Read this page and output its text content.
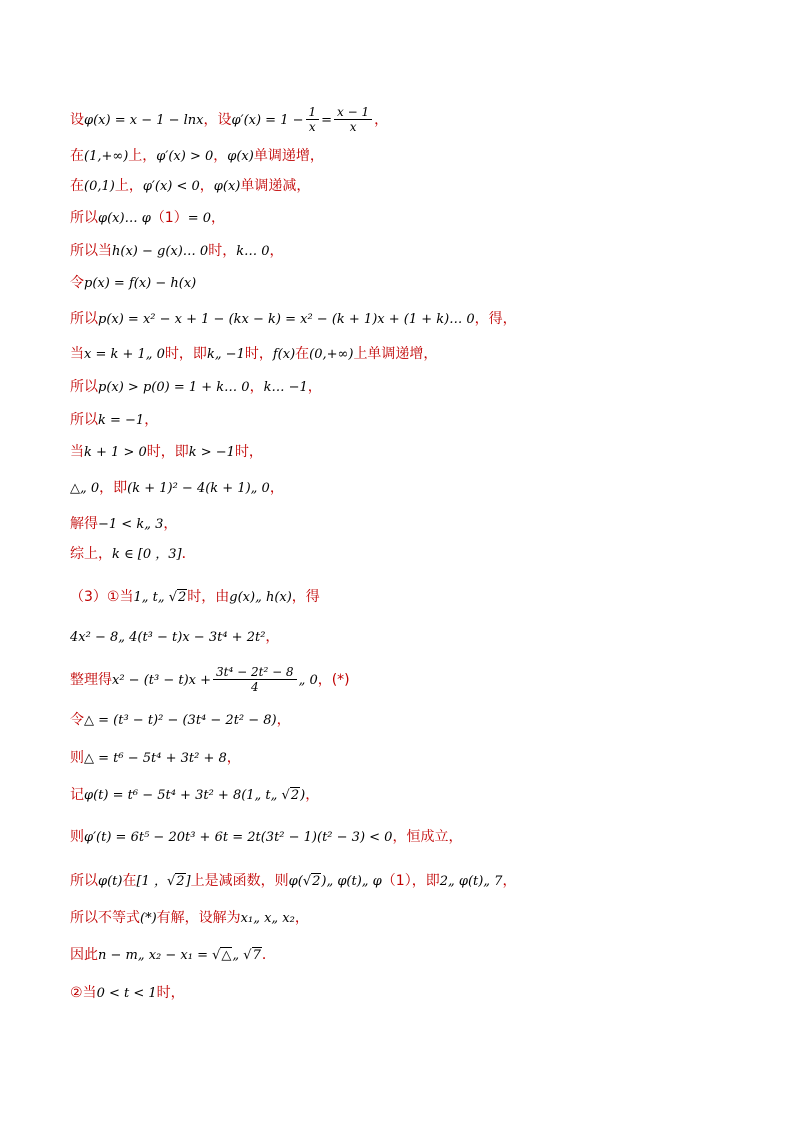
设φ(x) = x − 1 − lnx，设$\varphi'(x) = 1 - \frac{1}{x} = \frac{x - 1}{x}$ ，
在(1,+∞)上，φ′(x) > 0，φ(x)单调递增，
在(0,1)上，φ′(x) < 0，φ(x)单调递减，
所以φ(x)… φ（1）= 0，
所以当h(x) − g(x)… 0时，k… 0，
令p(x) = f(x) − h(x)
所以p(x) = x² − x + 1 − (kx − k) = x² − (k + 1)x + (1 + k)… 0，得，
当x = k + 1„ 0时，即k„ −1时，f(x)在(0,+∞)上单调递增，
所以p(x) > p(0) = 1 + k… 0，k… −1，
所以k = −1，
当k + 1 > 0时，即k > −1时，
△„ 0，即(k + 1)² − 4(k + 1)„ 0，
解得−1 < k„ 3，
综上，k ∈ [0 ，3]．
（3）①当1„ t„ √2时，由g(x)„ h(x)，得
4x² − 8„ 4(t³ − t)x − 3t⁴ + 2t²，
整理得$x^2 - (t^3 - t)x + \frac{\text{3t⁴ − 2t² − 8}}{4}$ „ 0，(*)
令△ = (t³ − t)² − (3t⁴ − 2t² − 8)，
则△ = t⁶ − 5t⁴ + 3t² + 8，
记φ(t) = t⁶ − 5t⁴ + 3t² + 8(1„ t„ √2)，
则φ′(t) = 6t⁵ − 20t³ + 6t = 2t(3t² − 1)(t² − 3) < 0，恒成立，
所以φ(t)在[1 ，√2]上是减函数，则φ(√2)„ φ(t)„ φ（1），即2„ φ(t)„ 7，
所以不等式(*)有解，设解为x₁„ x„ x₂，
因此n − m„ x₂ − x₁ = √△„ √7．
②当0 < t < 1时，
